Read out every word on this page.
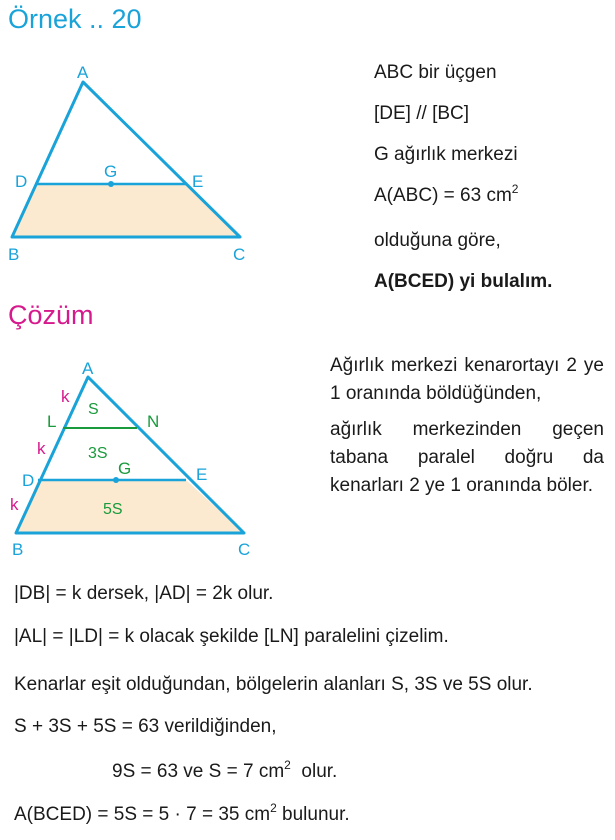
Örnek .. 20
A
B	C
D	E
G
ABC bir üçgen
[DE] // [BC]
G ağırlık merkezi
A(ABC) = 63 $cm^2$
olduğuna göre,
A(BCED) yi bulalım.
Çözüm
A
B	C
D	E
G
L	N
k
k
k
S
3S
5S

Ağırlık merkezi kenarortayı 2 ye 1 oranında böldüğünden,

ağırlık merkezinden geçen tabana paralel doğru da kenarları 2 ye 1 oranında böler.

|DB| = k dersek, |AD| = 2k olur.
|AL| = |LD| = k olacak şekilde [LN] paralelini çizelim.
Kenarlar eşit olduğundan, bölgelerin alanları S, 3S ve 5S olur.
S + 3S + 5S = 63 verildiğinden,
9S = 63 ve S = 7 $cm^2$  olur.
A(BCED) = 5S = 5 · 7 = 35 $cm^2$ bulunur.
